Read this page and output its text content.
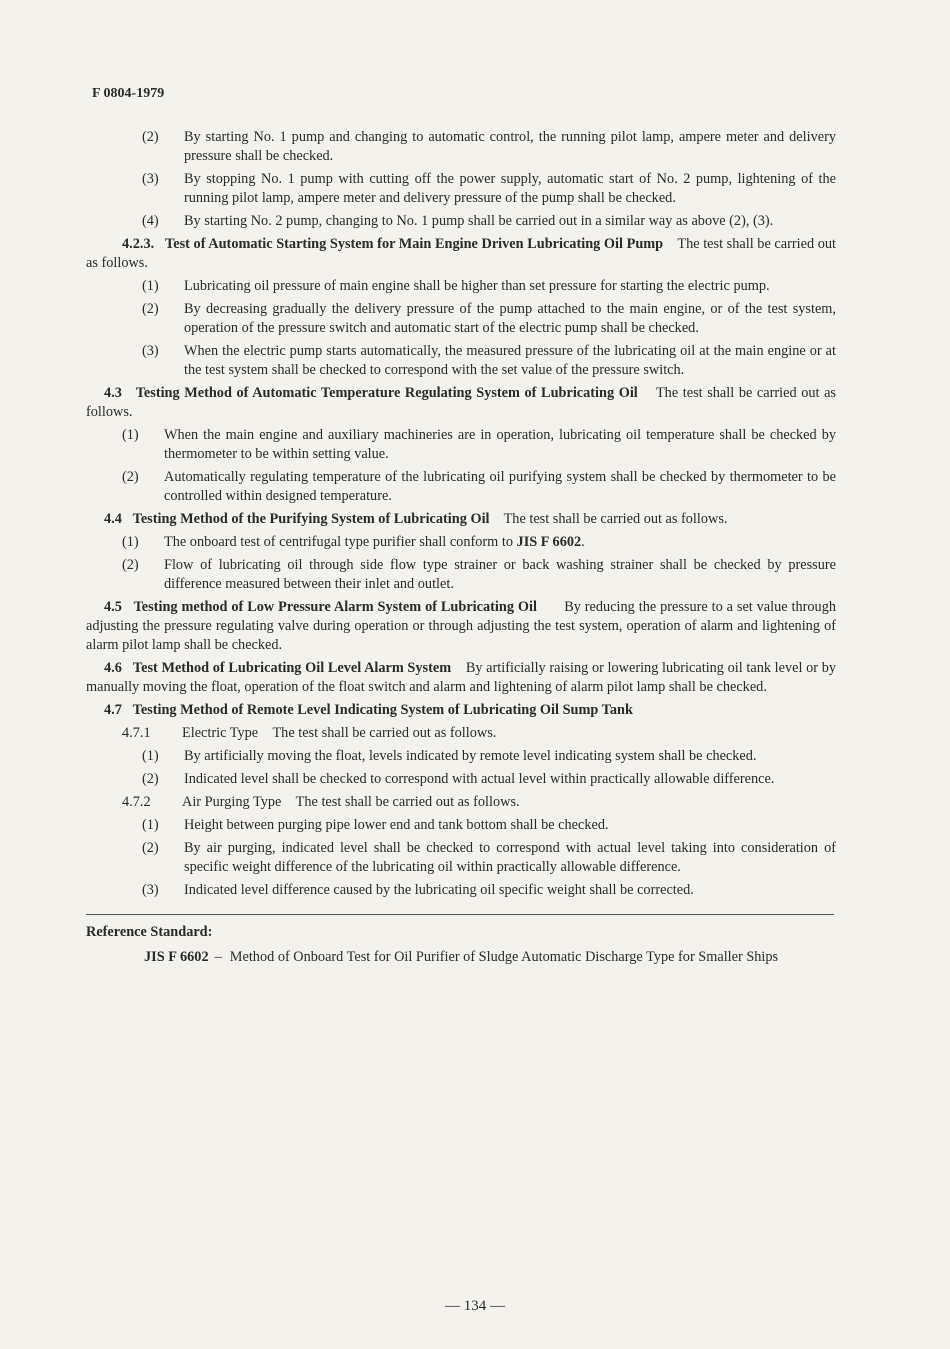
F 0804-1979
(2)	By starting No. 1 pump and changing to automatic control, the running pilot lamp, ampere meter and delivery pressure shall be checked.
(3)	By stopping No. 1 pump with cutting off the power supply, automatic start of No. 2 pump, lightening of the running pilot lamp, ampere meter and delivery pressure of the pump shall be checked.
(4)	By starting No. 2 pump, changing to No. 1 pump shall be carried out in a similar way as above (2), (3).
4.2.3. Test of Automatic Starting System for Main Engine Driven Lubricating Oil Pump The test shall be carried out as follows.
(1)	Lubricating oil pressure of main engine shall be higher than set pressure for starting the electric pump.
(2)	By decreasing gradually the delivery pressure of the pump attached to the main engine, or of the test system, operation of the pressure switch and automatic start of the electric pump shall be checked.
(3)	When the electric pump starts automatically, the measured pressure of the lubricating oil at the main engine or at the test system shall be checked to correspond with the set value of the pressure switch.
4.3 Testing Method of Automatic Temperature Regulating System of Lubricating Oil The test shall be carried out as follows.
(1)	When the main engine and auxiliary machineries are in operation, lubricating oil temperature shall be checked by thermometer to be within setting value.
(2)	Automatically regulating temperature of the lubricating oil purifying system shall be checked by thermometer to be controlled within designed temperature.
4.4 Testing Method of the Purifying System of Lubricating Oil The test shall be carried out as follows.
(1)	The onboard test of centrifugal type purifier shall conform to JIS F 6602.
(2)	Flow of lubricating oil through side flow type strainer or back washing strainer shall be checked by pressure difference measured between their inlet and outlet.
4.5 Testing method of Low Pressure Alarm System of Lubricating Oil By reducing the pressure to a set value through adjusting the pressure regulating valve during operation or through adjusting the test system, operation of alarm and lightening of alarm pilot lamp shall be checked.
4.6 Test Method of Lubricating Oil Level Alarm System By artificially raising or lowering lubricating oil tank level or by manually moving the float, operation of the float switch and alarm and lightening of alarm pilot lamp shall be checked.
4.7 Testing Method of Remote Level Indicating System of Lubricating Oil Sump Tank
4.7.1	Electric Type The test shall be carried out as follows.
(1)	By artificially moving the float, levels indicated by remote level indicating system shall be checked.
(2)	Indicated level shall be checked to correspond with actual level within practically allowable difference.
4.7.2	Air Purging Type The test shall be carried out as follows.
(1)	Height between purging pipe lower end and tank bottom shall be checked.
(2)	By air purging, indicated level shall be checked to correspond with actual level taking into consideration of specific weight difference of the lubricating oil within practically allowable difference.
(3)	Indicated level difference caused by the lubricating oil specific weight shall be corrected.
Reference Standard:
JIS F 6602 – Method of Onboard Test for Oil Purifier of Sludge Automatic Discharge Type for Smaller Ships
— 134 —
